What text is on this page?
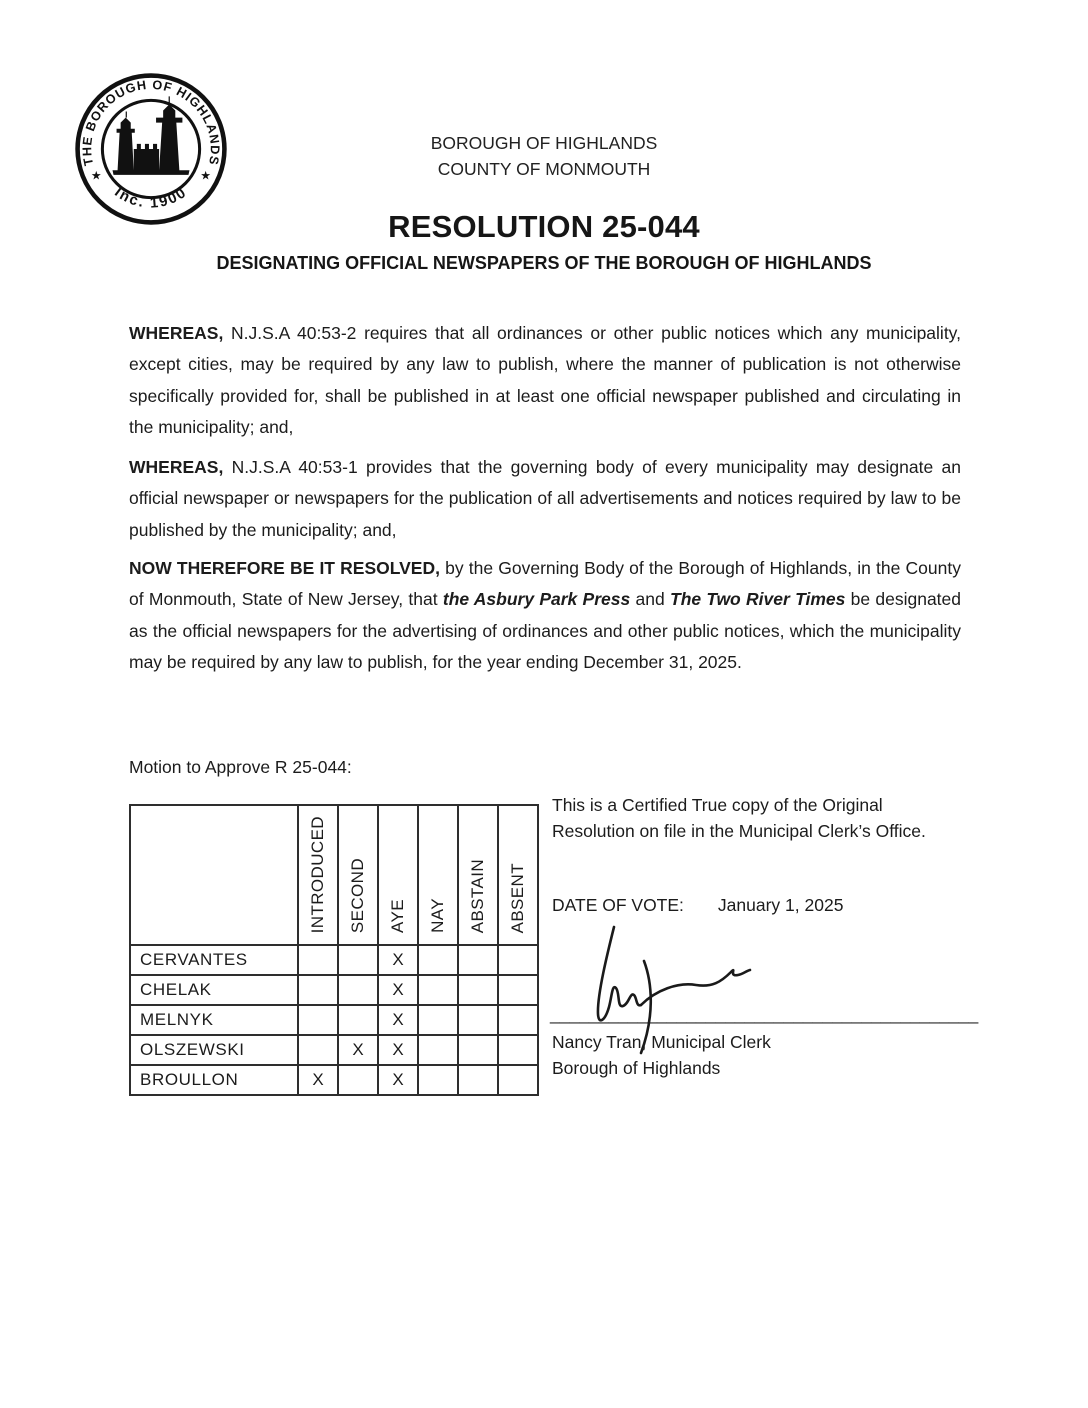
THE BOROUGH OF HIGHLANDS
Inc. 1900
★	★
BOROUGH OF HIGHLANDS
COUNTY OF MONMOUTH
RESOLUTION 25-044
DESIGNATING OFFICIAL NEWSPAPERS OF THE BOROUGH OF HIGHLANDS

WHEREAS, N.J.S.A 40:53-2 requires that all ordinances or other public notices which any municipality, except cities, may be required by any law to publish, where the manner of publication is not otherwise specifically provided for, shall be published in at least one official newspaper published and circulating in the municipality; and,

WHEREAS, N.J.S.A 40:53-1 provides that the governing body of every municipality may designate an official newspaper or newspapers for the publication of all advertisements and notices required by law to be published by the municipality; and,

NOW THEREFORE BE IT RESOLVED, by the Governing Body of the Borough of Highlands, in the County of Monmouth, State of New Jersey, that the Asbury Park Press and The Two River Times be designated as the official newspapers for the advertising of ordinances and other public notices, which the municipality may be required by any law to publish, for the year ending December 31, 2025.

Motion to Approve R 25-044:
	INTRODUCED	SECOND	AYE	NAY	ABSTAIN	ABSENT
CERVANTES			X			
CHELAK			X			
MELNYK			X			
OLSZEWSKI		X	X			
BROULLON	X		X			
This is a Certified True copy of the Original Resolution on file in the Municipal Clerk’s Office.
DATE OF VOTE: January 1, 2025
____________________________________________
Nancy Tran, Municipal Clerk
Borough of Highlands
